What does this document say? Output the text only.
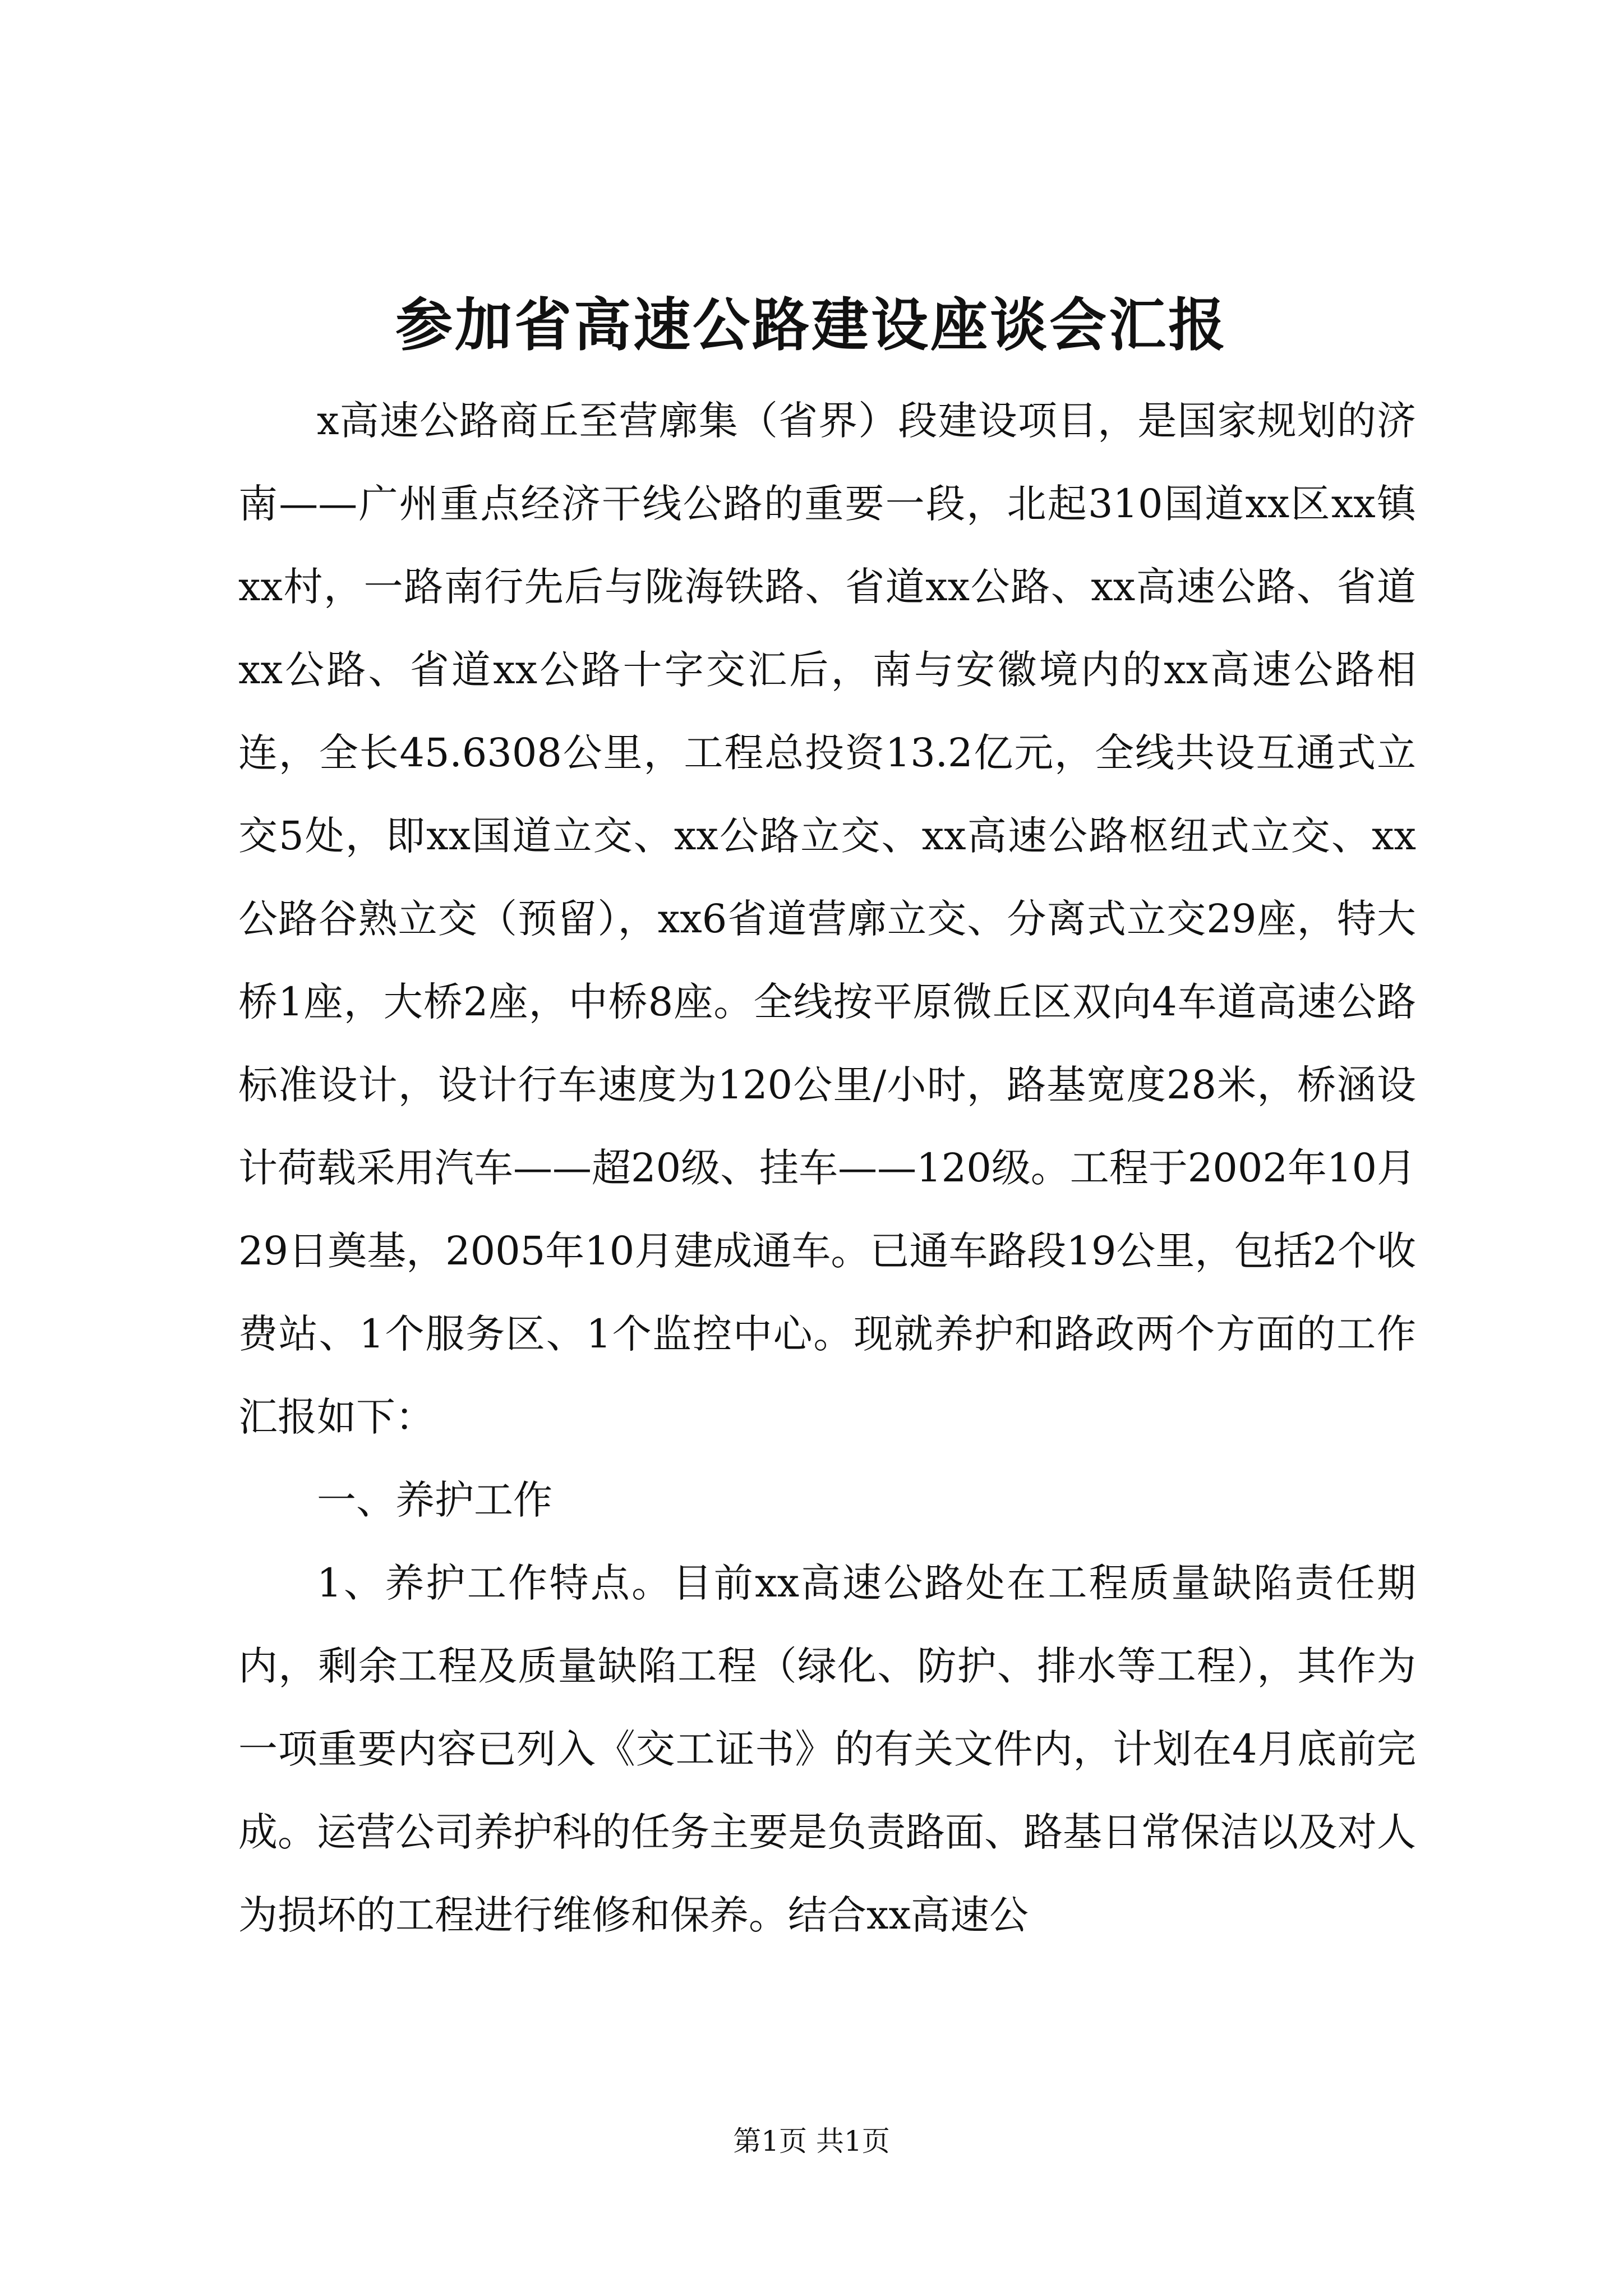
参加省高速公路建设座谈会汇报

x高速公路商丘至营廓集（省界）段建设项目，是国家规划的济南——广州重点经济干线公路的重要一段，北起310国道xx区xx镇xx村，一路南行先后与陇海铁路、省道xx公路、xx高速公路、省道xx公路、省道xx公路十字交汇后，南与安徽境内的xx高速公路相连，全长45.6308公里，工程总投资13.2亿元，全线共设互通式立交5处，即xx国道立交、xx公路立交、xx高速公路枢纽式立交、xx公路谷熟立交（预留），xx6省道营廓立交、分离式立交29座，特大桥1座，大桥2座，中桥8座。全线按平原微丘区双向4车道高速公路标准设计，设计行车速度为120公里/小时，路基宽度28米，桥涵设计荷载采用汽车——超20级、挂车——120级。工程于2002年10月29日奠基，2005年10月建成通车。已通车路段19公里，包括2个收费站、1个服务区、1个监控中心。现就养护和路政两个方面的工作汇报如下：

一、养护工作

1、养护工作特点。目前xx高速公路处在工程质量缺陷责任期内，剩余工程及质量缺陷工程（绿化、防护、排水等工程），其作为一项重要内容已列入《交工证书》的有关文件内，计划在4月底前完成。运营公司养护科的任务主要是负责路面、路基日常保洁以及对人为损坏的工程进行维修和保养。结合xx高速公

第1页 共1页
